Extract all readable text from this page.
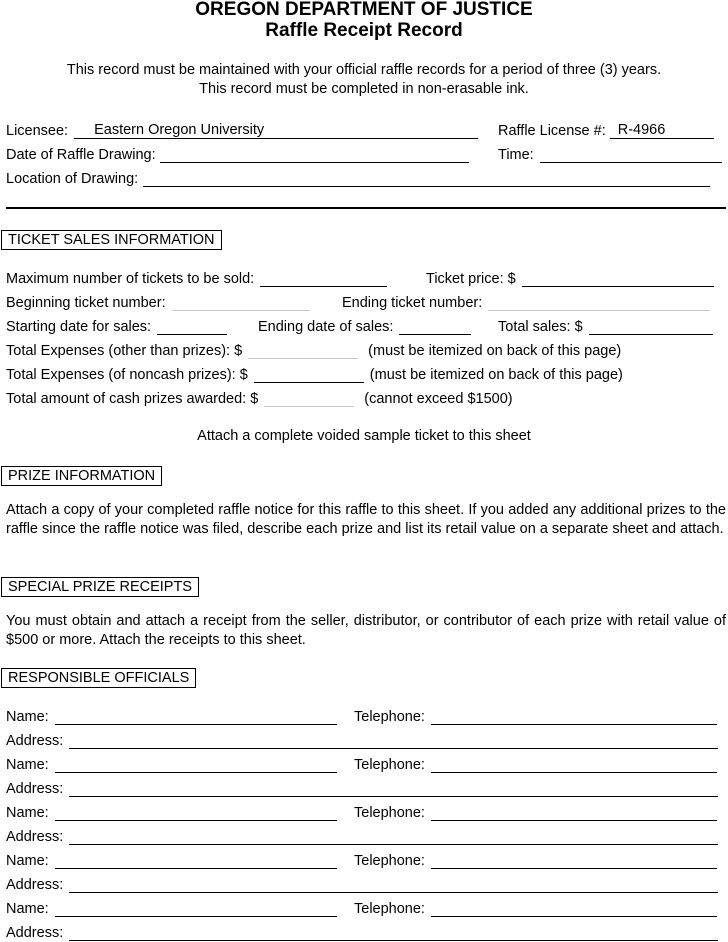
OREGON DEPARTMENT OF JUSTICE
Raffle Receipt Record
This record must be maintained with your official raffle records for a period of three (3) years.
This record must be completed in non-erasable ink.
Licensee: Eastern Oregon University	Raffle License #: R-4966
Date of Raffle Drawing:	Time:
Location of Drawing:
TICKET SALES INFORMATION
Maximum number of tickets to be sold:	Ticket price: $
Beginning ticket number:	Ending ticket number:
Starting date for sales:	Ending date of sales:	Total sales: $
Total Expenses (other than prizes): $	(must be itemized on back of this page)
Total Expenses (of noncash prizes): $	(must be itemized on back of this page)
Total amount of cash prizes awarded: $	(cannot exceed $1500)
Attach a complete voided sample ticket to this sheet
PRIZE INFORMATION
Attach a copy of your completed raffle notice for this raffle to this sheet. If you added any additional prizes to the raffle since the raffle notice was filed, describe each prize and list its retail value on a separate sheet and attach.
SPECIAL PRIZE RECEIPTS
You must obtain and attach a receipt from the seller, distributor, or contributor of each prize with retail value of $500 or more. Attach the receipts to this sheet.
RESPONSIBLE OFFICIALS
Name:	Telephone:
Address:
Name:	Telephone:
Address:
Name:	Telephone:
Address:
Name:	Telephone:
Address:
Name:	Telephone:
Address:
